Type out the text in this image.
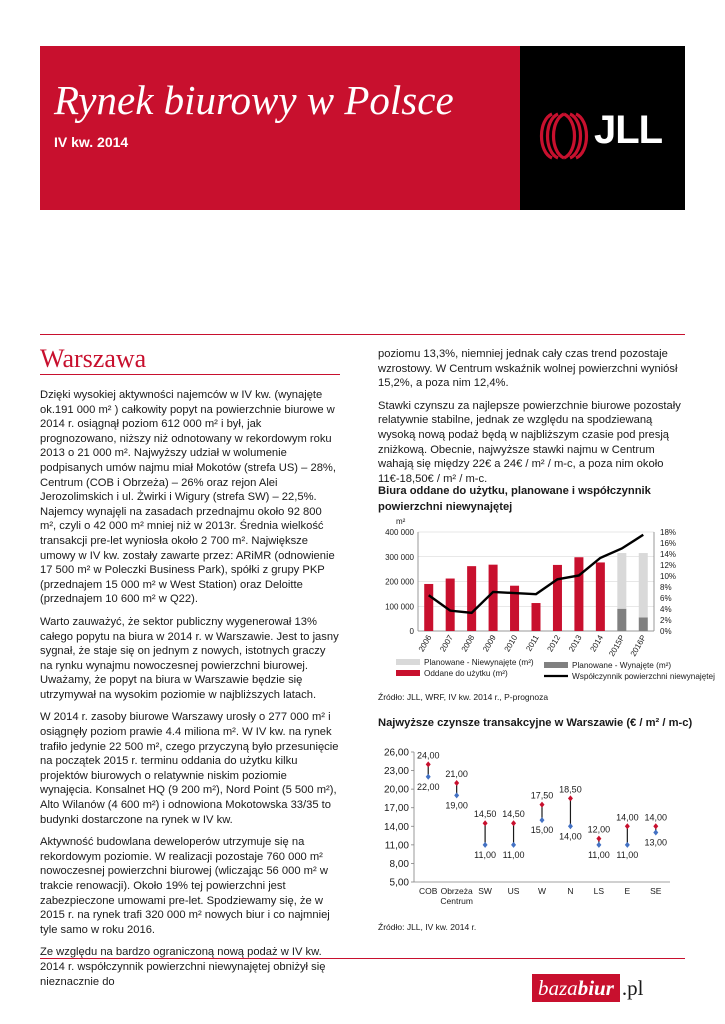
Rynek biurowy w Polsce
IV kw. 2014	JLL
Warszawa

Dzięki wysokiej aktywności najemców w IV kw. (wynajęte ok.191 000 m² ) całkowity popyt na powierzchnie biurowe w 2014 r. osiągnął poziom 612 000 m² i był, jak prognozowano, niższy niż odnotowany w rekordowym roku 2013 o 21 000 m². Najwyższy udział w wolumenie podpisanych umów najmu miał Mokotów (strefa US) – 28%, Centrum (COB i Obrzeża) – 26% oraz rejon Alei Jerozolimskich i ul. Żwirki i Wigury (strefa SW) – 22,5%. Najemcy wynajęli na zasadach przednajmu około 92 800 m², czyli o 42 000 m² mniej niż w 2013r. Średnia wielkość transakcji pre-let wyniosła około 2 700 m². Największe umowy w IV kw. zostały zawarte przez: ARiMR (odnowienie 17 500 m² w Poleczki Business Park), spółki z grupy PKP (przednajem 15 000 m² w West Station) oraz Deloitte (przednajem 10 600 m² w Q22).

Warto zauważyć, że sektor publiczny wygenerował 13% całego popytu na biura w 2014 r. w Warszawie. Jest to jasny sygnał, że staje się on jednym z nowych, istotnych graczy na rynku wynajmu nowoczesnej powierzchni biurowej. Uważamy, że popyt na biura w Warszawie będzie się utrzymywał na wysokim poziomie w najbliższych latach.

W 2014 r. zasoby biurowe Warszawy urosły o 277 000 m² i osiągnęły poziom prawie 4.4 miliona m². W IV kw. na rynek trafiło jedynie 22 500 m², czego przyczyną było przesunięcie na początek 2015 r. terminu oddania do użytku kilku projektów biurowych o relatywnie niskim poziomie wynajęcia. Konsalnet HQ (9 200 m²), Nord Point (5 500 m²), Alto Wilanów (4 600 m²) i odnowiona Mokotowska 33/35 to budynki dostarczone na rynek w IV kw.

Aktywność budowlana deweloperów utrzymuje się na rekordowym poziomie. W realizacji pozostaje 760 000 m² nowoczesnej powierzchni biurowej (wliczając 56 000 m² w trakcie renowacji). Około 19% tej powierzchni jest zabezpieczone umowami pre-let. Spodziewamy się, że w 2015 r. na rynek trafi 320 000 m² nowych biur i co najmniej tyle samo w roku 2016.

Ze względu na bardzo ograniczoną nową podaż w IV kw. 2014 r. współczynnik powierzchni niewynajętej obniżył się nieznacznie do

poziomu 13,3%, niemniej jednak cały czas trend pozostaje wzrostowy. W Centrum wskaźnik wolnej powierzchni wyniósł 15,2%, a poza nim 12,4%.

Stawki czynszu za najlepsze powierzchnie biurowe pozostały relatywnie stabilne, jednak ze względu na spodziewaną wysoką nową podaż będą w najbliższym czasie pod presją zniżkową. Obecnie, najwyższe stawki najmu w Centrum wahają się między 22€ a 24€ / m² / m-c, a poza nim około 11€-18,50€ / m² / m-c.

Biura oddane do użytku, planowane i współczynnik powierzchni niewynajętej
m²
0
100 000
200 000
300 000
400 000
0%
2%
4%
6%
8%
10%
12%
14%
16%
18%
2006 2007 2008 2009 2010 2011 2012 2013 2014 2015P 2016P
Planowane - Niewynajęte (m²)	Planowane - Wynajęte (m²)
Oddane do użytku (m²)	Współczynnik powierzchni niewynajętej
Źródło: JLL, WRF, IV kw. 2014 r., P-prognoza
Najwyższe czynsze transakcyjne w Warszawie (€ / m² / m-c)
5,00
8,00
11,00
14,00
17,00
20,00
23,00
26,00 24,00
22,00
COB
21,00
19,00
Obrzeża
Centrum
14,50
11,00
SW
14,50
11,00
US
17,50
15,00
W
18,50
14,00
N
12,00
11,00
LS
14,00
11,00
E
14,00
13,00
SE
Źródło: JLL, IV kw. 2014 r.
bazabiur .pl
